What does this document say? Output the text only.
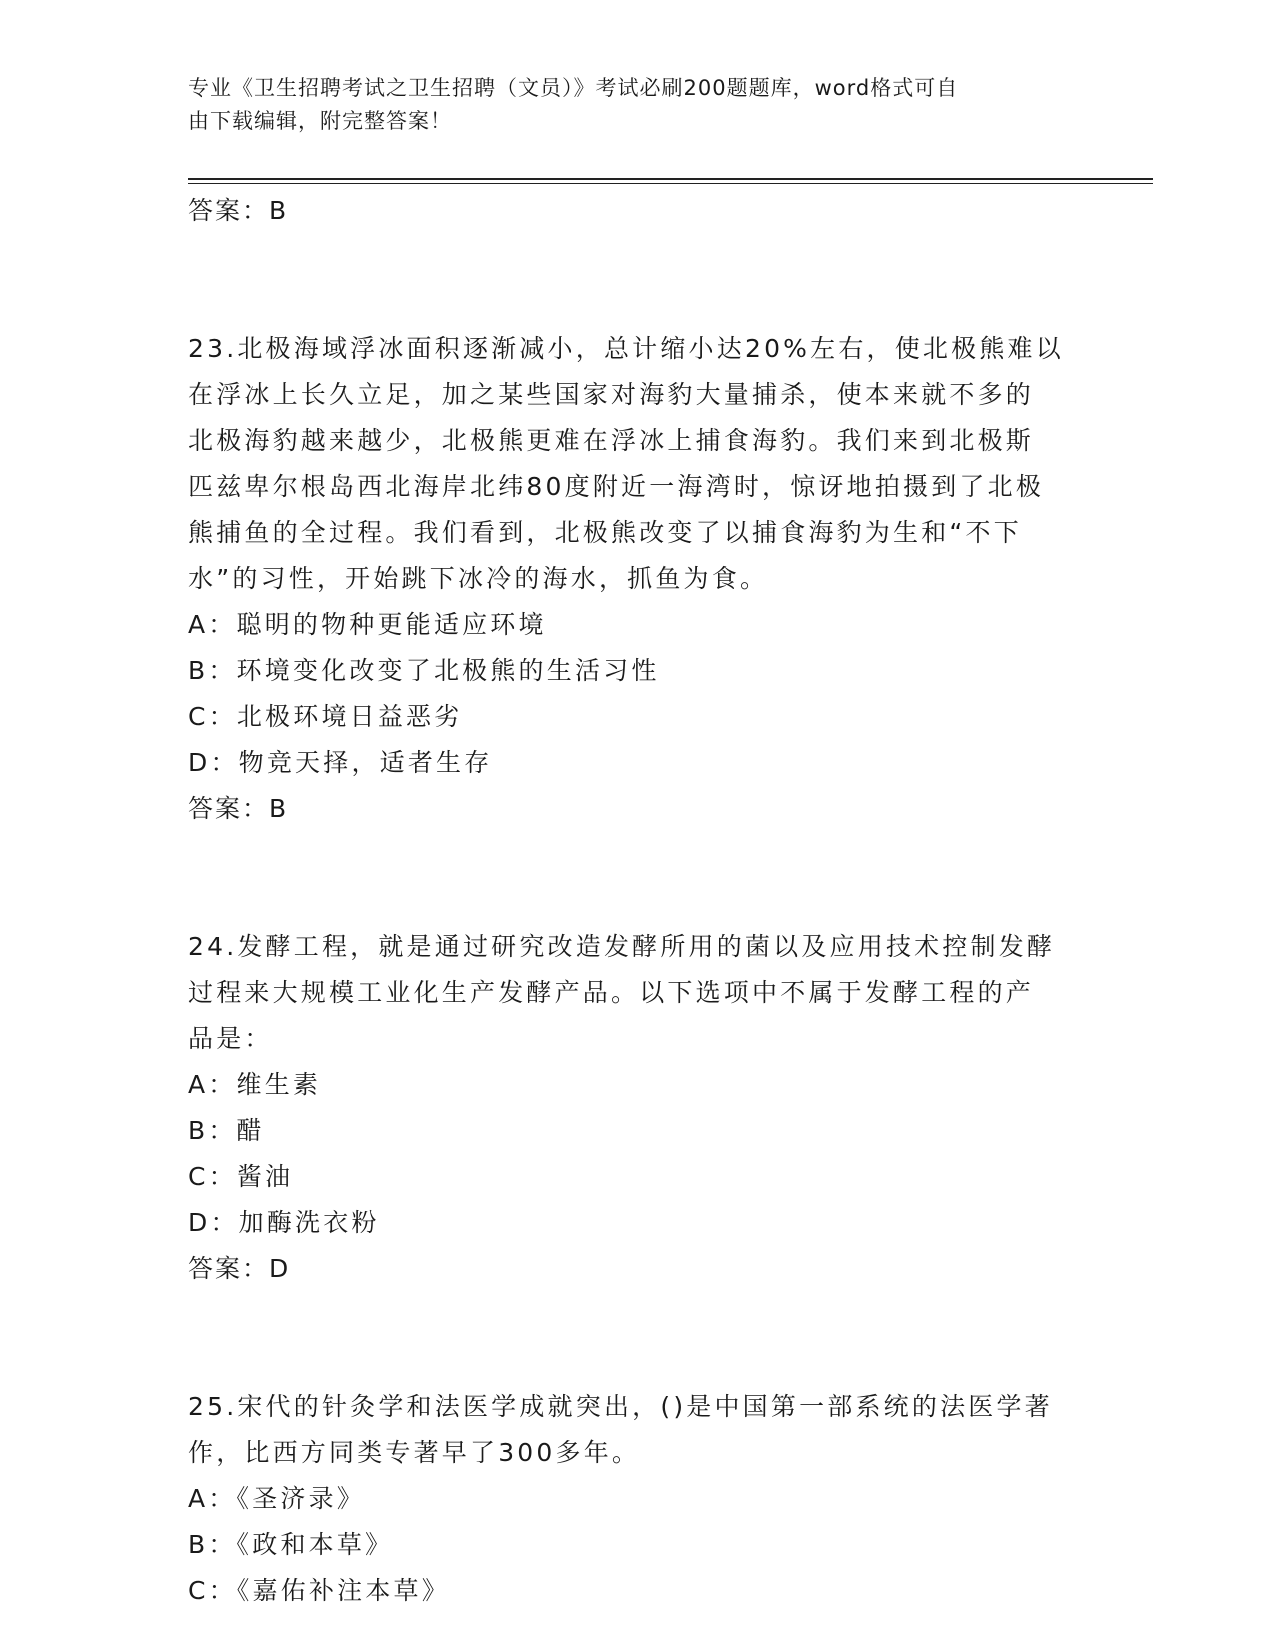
专业《卫生招聘考试之卫生招聘（文员）》考试必刷200题题库，word格式可自
由下载编辑，附完整答案！
答案：B
23.北极海域浮冰面积逐渐减小，总计缩小达20%左右，使北极熊难以
在浮冰上长久立足，加之某些国家对海豹大量捕杀，使本来就不多的
北极海豹越来越少，北极熊更难在浮冰上捕食海豹。我们来到北极斯
匹兹卑尔根岛西北海岸北纬80度附近一海湾时，惊讶地拍摄到了北极
熊捕鱼的全过程。我们看到，北极熊改变了以捕食海豹为生和“不下
水”的习性，开始跳下冰冷的海水，抓鱼为食。
A：聪明的物种更能适应环境
B：环境变化改变了北极熊的生活习性
C：北极环境日益恶劣
D：物竞天择，适者生存
答案：B
24.发酵工程，就是通过研究改造发酵所用的菌以及应用技术控制发酵
过程来大规模工业化生产发酵产品。以下选项中不属于发酵工程的产
品是：
A：维生素
B：醋
C：酱油
D：加酶洗衣粉
答案：D
25.宋代的针灸学和法医学成就突出，()是中国第一部系统的法医学著
作，比西方同类专著早了300多年。
A：《圣济录》
B：《政和本草》
C：《嘉佑补注本草》
